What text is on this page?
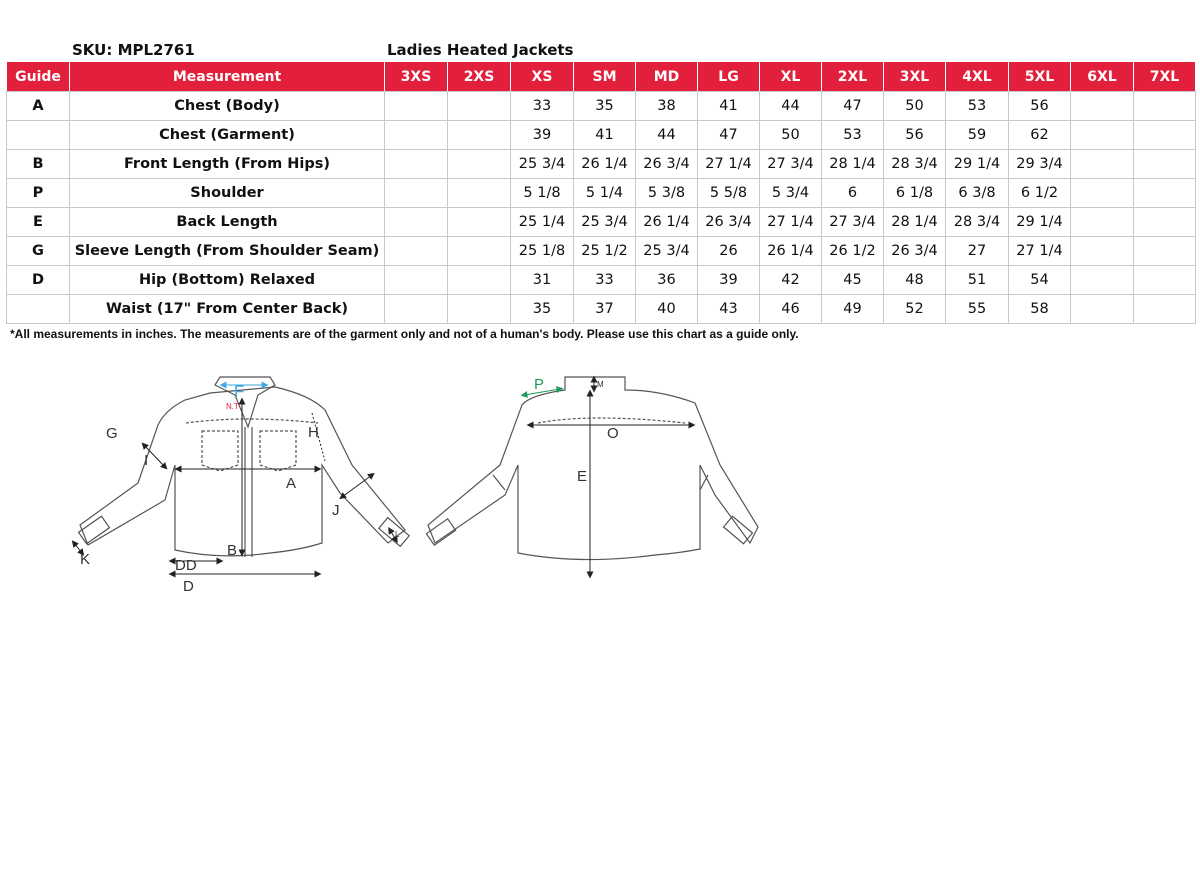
SKU: MPL2761	Ladies Heated Jackets
Guide	Measurement	3XS	2XS	XS	SM	MD	LG	XL	2XL	3XL	4XL	5XL	6XL	7XL
A	Chest (Body)			33	35	38	41	44	47	50	53	56		
	Chest (Garment)			39	41	44	47	50	53	56	59	62		
B	Front Length (From Hips)			25 3/4	26 1/4	26 3/4	27 1/4	27 3/4	28 1/4	28 3/4	29 1/4	29 3/4		
P	Shoulder			5 1/8	5 1/4	5 3/8	5 5/8	5 3/4	6	6 1/8	6 3/8	6 1/2		
E	Back Length			25 1/4	25 3/4	26 1/4	26 3/4	27 1/4	27 3/4	28 1/4	28 3/4	29 1/4		
G	Sleeve Length (From Shoulder Seam)			25 1/8	25 1/2	25 3/4	26	26 1/4	26 1/2	26 3/4	27	27 1/4		
D	Hip (Bottom) Relaxed			31	33	36	39	42	45	48	51	54		
	Waist (17" From Center Back)			35	37	40	43	46	49	52	55	58		
*All measurements in inches. The measurements are of the garment only and not of a human's body. Please use this chart as a guide only.
F
N.T
G	H
I
A
J
B
K
L
DD
D
P	M
O
E
